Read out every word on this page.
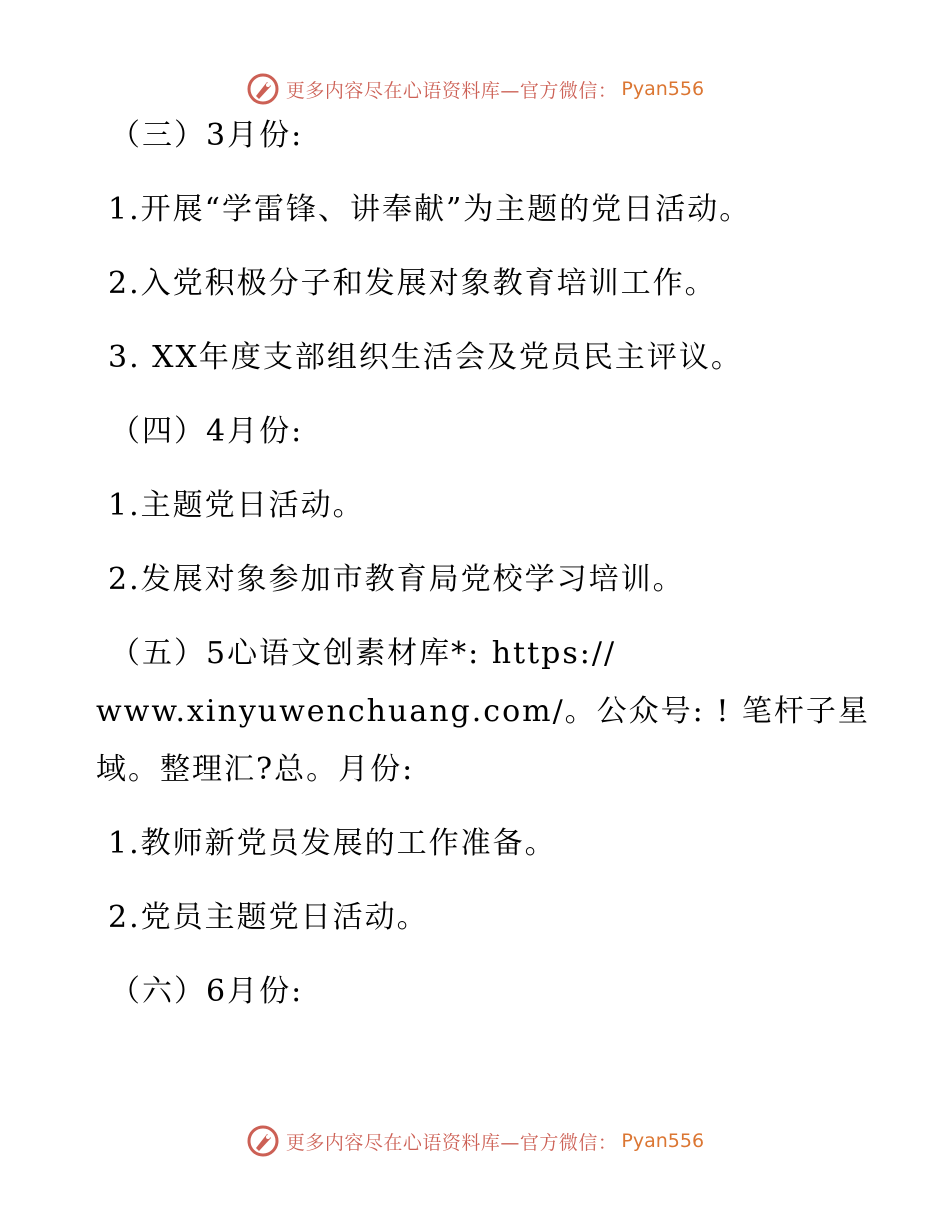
更多内容尽在心语资料库—官方微信： Pyan556
（三）3月份:
1.开展“学雷锋、讲奉献”为主题的党日活动。
2.入党积极分子和发展对象教育培训工作。
3. XX年度支部组织生活会及党员民主评议。
（四）4月份:
1.主题党日活动。
2.发展对象参加市教育局党校学习培训。
（五）5心语文创素材库*: https://
www.xinyuwenchuang.com/。公众号: ! 笔杆子星
域。整理汇?总。月份:
1.教师新党员发展的工作准备。
2.党员主题党日活动。
（六）6月份:
更多内容尽在心语资料库—官方微信： Pyan556
